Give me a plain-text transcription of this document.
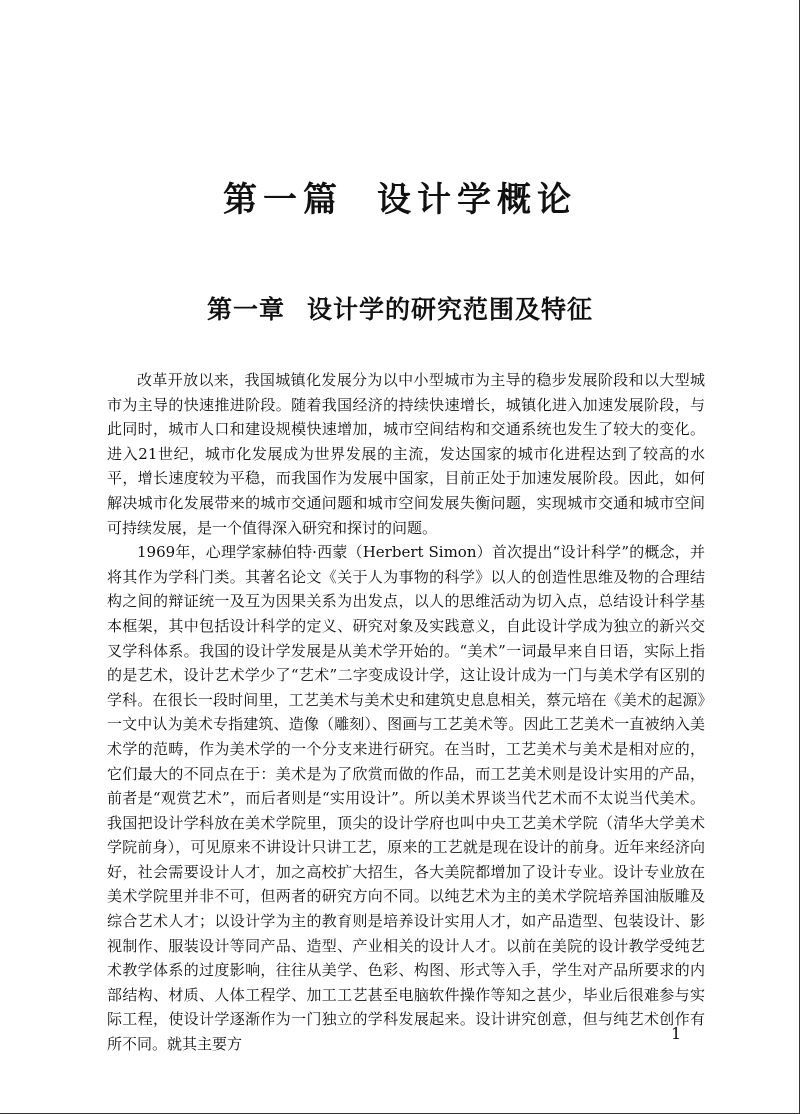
第一篇 设计学概论
第一章 设计学的研究范围及特征

改革开放以来，我国城镇化发展分为以中小型城市为主导的稳步发展阶段和以大型城市为主导的快速推进阶段。随着我国经济的持续快速增长，城镇化进入加速发展阶段，与此同时，城市人口和建设规模快速增加，城市空间结构和交通系统也发生了较大的变化。进入21世纪，城市化发展成为世界发展的主流，发达国家的城市化进程达到了较高的水平，增长速度较为平稳，而我国作为发展中国家，目前正处于加速发展阶段。因此，如何解决城市化发展带来的城市交通问题和城市空间发展失衡问题，实现城市交通和城市空间可持续发展，是一个值得深入研究和探讨的问题。

1969年，心理学家赫伯特·西蒙（Herbert Simon）首次提出“设计科学”的概念，并将其作为学科门类。其著名论文《关于人为事物的科学》以人的创造性思维及物的合理结构之间的辩证统一及互为因果关系为出发点，以人的思维活动为切入点，总结设计科学基本框架，其中包括设计科学的定义、研究对象及实践意义，自此设计学成为独立的新兴交叉学科体系。我国的设计学发展是从美术学开始的。“美术”一词最早来自日语，实际上指的是艺术，设计艺术学少了“艺术”二字变成设计学，这让设计成为一门与美术学有区别的学科。在很长一段时间里，工艺美术与美术史和建筑史息息相关，蔡元培在《美术的起源》一文中认为美术专指建筑、造像（雕刻）、图画与工艺美术等。因此工艺美术一直被纳入美术学的范畴，作为美术学的一个分支来进行研究。在当时，工艺美术与美术是相对应的，它们最大的不同点在于：美术是为了欣赏而做的作品，而工艺美术则是设计实用的产品，前者是“观赏艺术”，而后者则是“实用设计”。所以美术界谈当代艺术而不太说当代美术。我国把设计学科放在美术学院里，顶尖的设计学府也叫中央工艺美术学院（清华大学美术学院前身），可见原来不讲设计只讲工艺，原来的工艺就是现在设计的前身。近年来经济向好，社会需要设计人才，加之高校扩大招生，各大美院都增加了设计专业。设计专业放在美术学院里并非不可，但两者的研究方向不同。以纯艺术为主的美术学院培养国油版雕及综合艺术人才；以设计学为主的教育则是培养设计实用人才，如产品造型、包装设计、影视制作、服装设计等同产品、造型、产业相关的设计人才。以前在美院的设计教学受纯艺术教学体系的过度影响，往往从美学、色彩、构图、形式等入手，学生对产品所要求的内部结构、材质、人体工程学、加工工艺甚至电脑软件操作等知之甚少，毕业后很难参与实际工程，使设计学逐渐作为一门独立的学科发展起来。设计讲究创意，但与纯艺术创作有所不同。就其主要方

1
